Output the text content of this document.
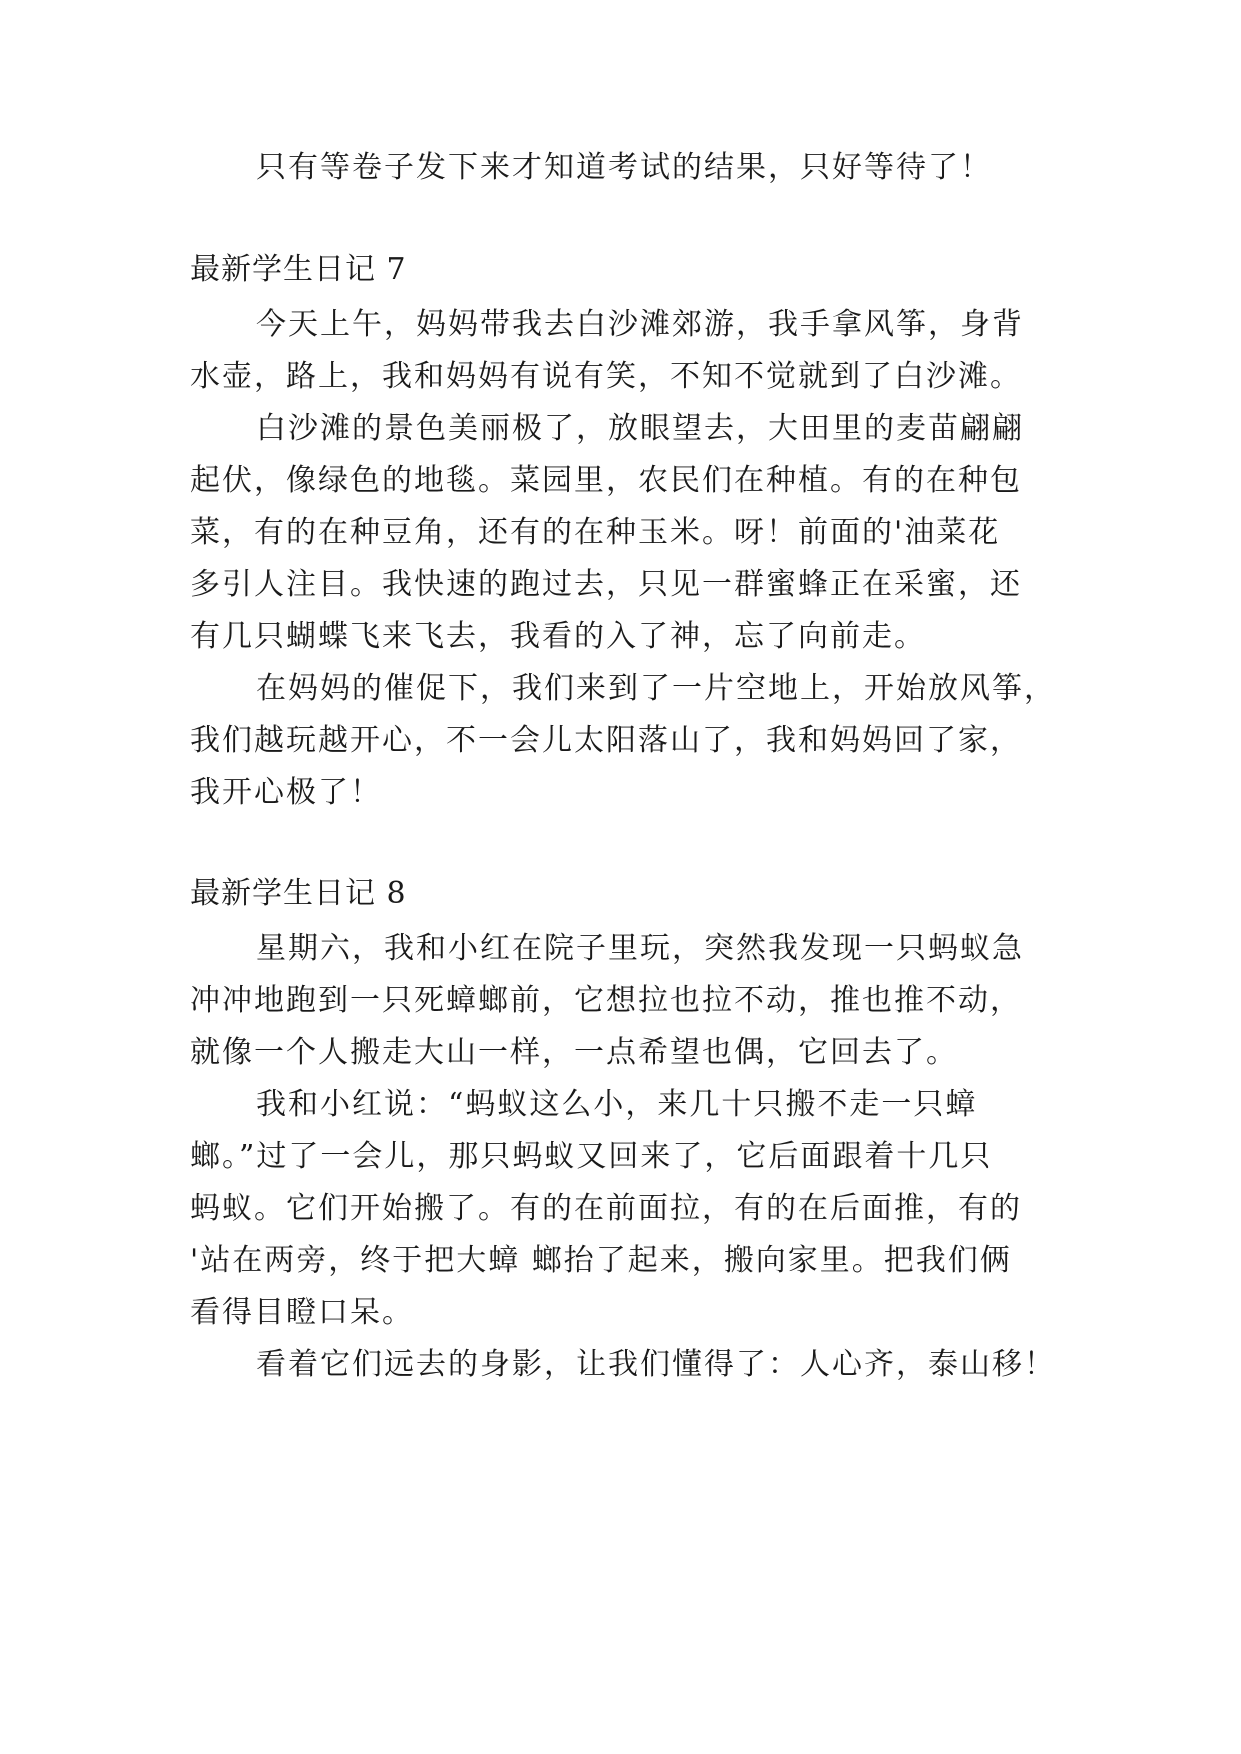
只有等卷子发下来才知道考试的结果，只好等待了！
最新学生日记 7
今天上午，妈妈带我去白沙滩郊游，我手拿风筝，身背
水壶，路上，我和妈妈有说有笑，不知不觉就到了白沙滩。
白沙滩的景色美丽极了，放眼望去，大田里的麦苗翩翩
起伏，像绿色的地毯。菜园里，农民们在种植。有的在种包
菜，有的在种豆角，还有的在种玉米。呀！前面的'油菜花
多引人注目。我快速的跑过去，只见一群蜜蜂正在采蜜，还
有几只蝴蝶飞来飞去，我看的入了神，忘了向前走。
在妈妈的催促下，我们来到了一片空地上，开始放风筝，
我们越玩越开心，不一会儿太阳落山了，我和妈妈回了家，
我开心极了！
最新学生日记 8
星期六，我和小红在院子里玩，突然我发现一只蚂蚁急
冲冲地跑到一只死蟑螂前，它想拉也拉不动，推也推不动，
就像一个人搬走大山一样，一点希望也偶，它回去了。
我和小红说：“蚂蚁这么小，来几十只搬不走一只蟑
螂。”过了一会儿，那只蚂蚁又回来了，它后面跟着十几只
蚂蚁。它们开始搬了。有的在前面拉，有的在后面推，有的
'站在两旁，终于把大蟑 螂抬了起来，搬向家里。把我们俩
看得目瞪口呆。
看着它们远去的身影，让我们懂得了：人心齐，泰山移！
